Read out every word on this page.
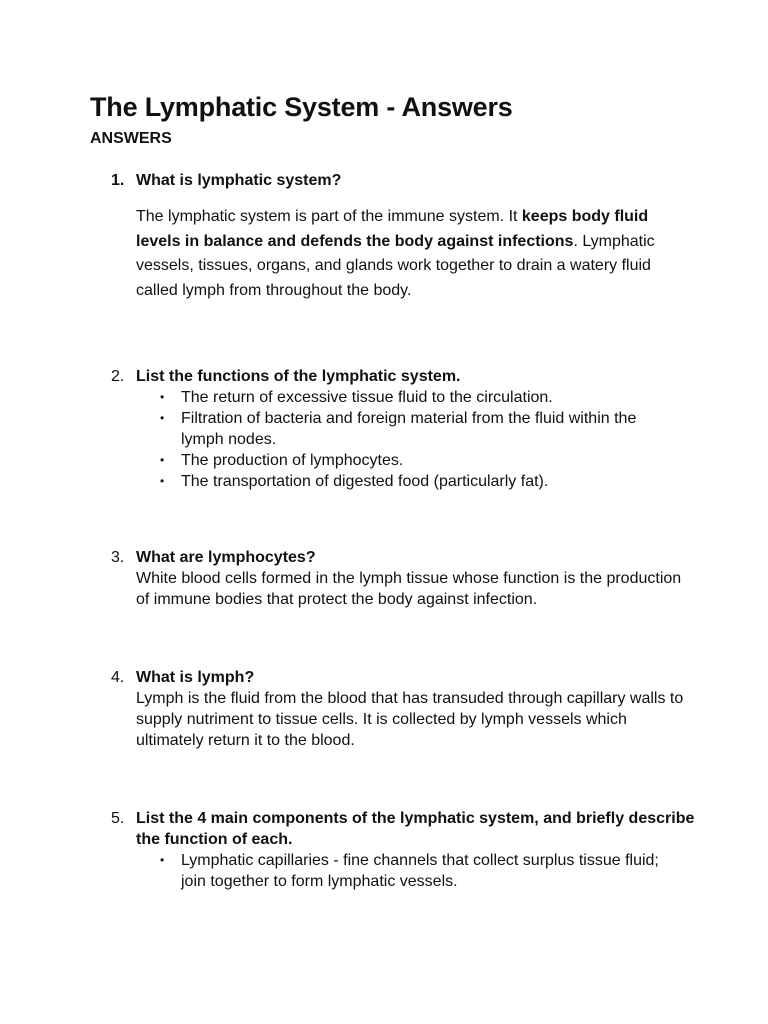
The Lymphatic System - Answers

ANSWERS

1. What is lymphatic system?

The lymphatic system is part of the immune system. It keeps body fluid levels in balance and defends the body against infections. Lymphatic vessels, tissues, organs, and glands work together to drain a watery fluid called lymph from throughout the body.

2. List the functions of the lymphatic system.

• The return of excessive tissue fluid to the circulation.
• Filtration of bacteria and foreign material from the fluid within the lymph nodes.
• The production of lymphocytes.
• The transportation of digested food (particularly fat).
3. What are lymphocytes?

White blood cells formed in the lymph tissue whose function is the production of immune bodies that protect the body against infection.

4. What is lymph?

Lymph is the fluid from the blood that has transuded through capillary walls to supply nutriment to tissue cells. It is collected by lymph vessels which ultimately return it to the blood.

5. List the 4 main components of the lymphatic system, and briefly describe the function of each.

• Lymphatic capillaries - fine channels that collect surplus tissue fluid; join together to form lymphatic vessels.
